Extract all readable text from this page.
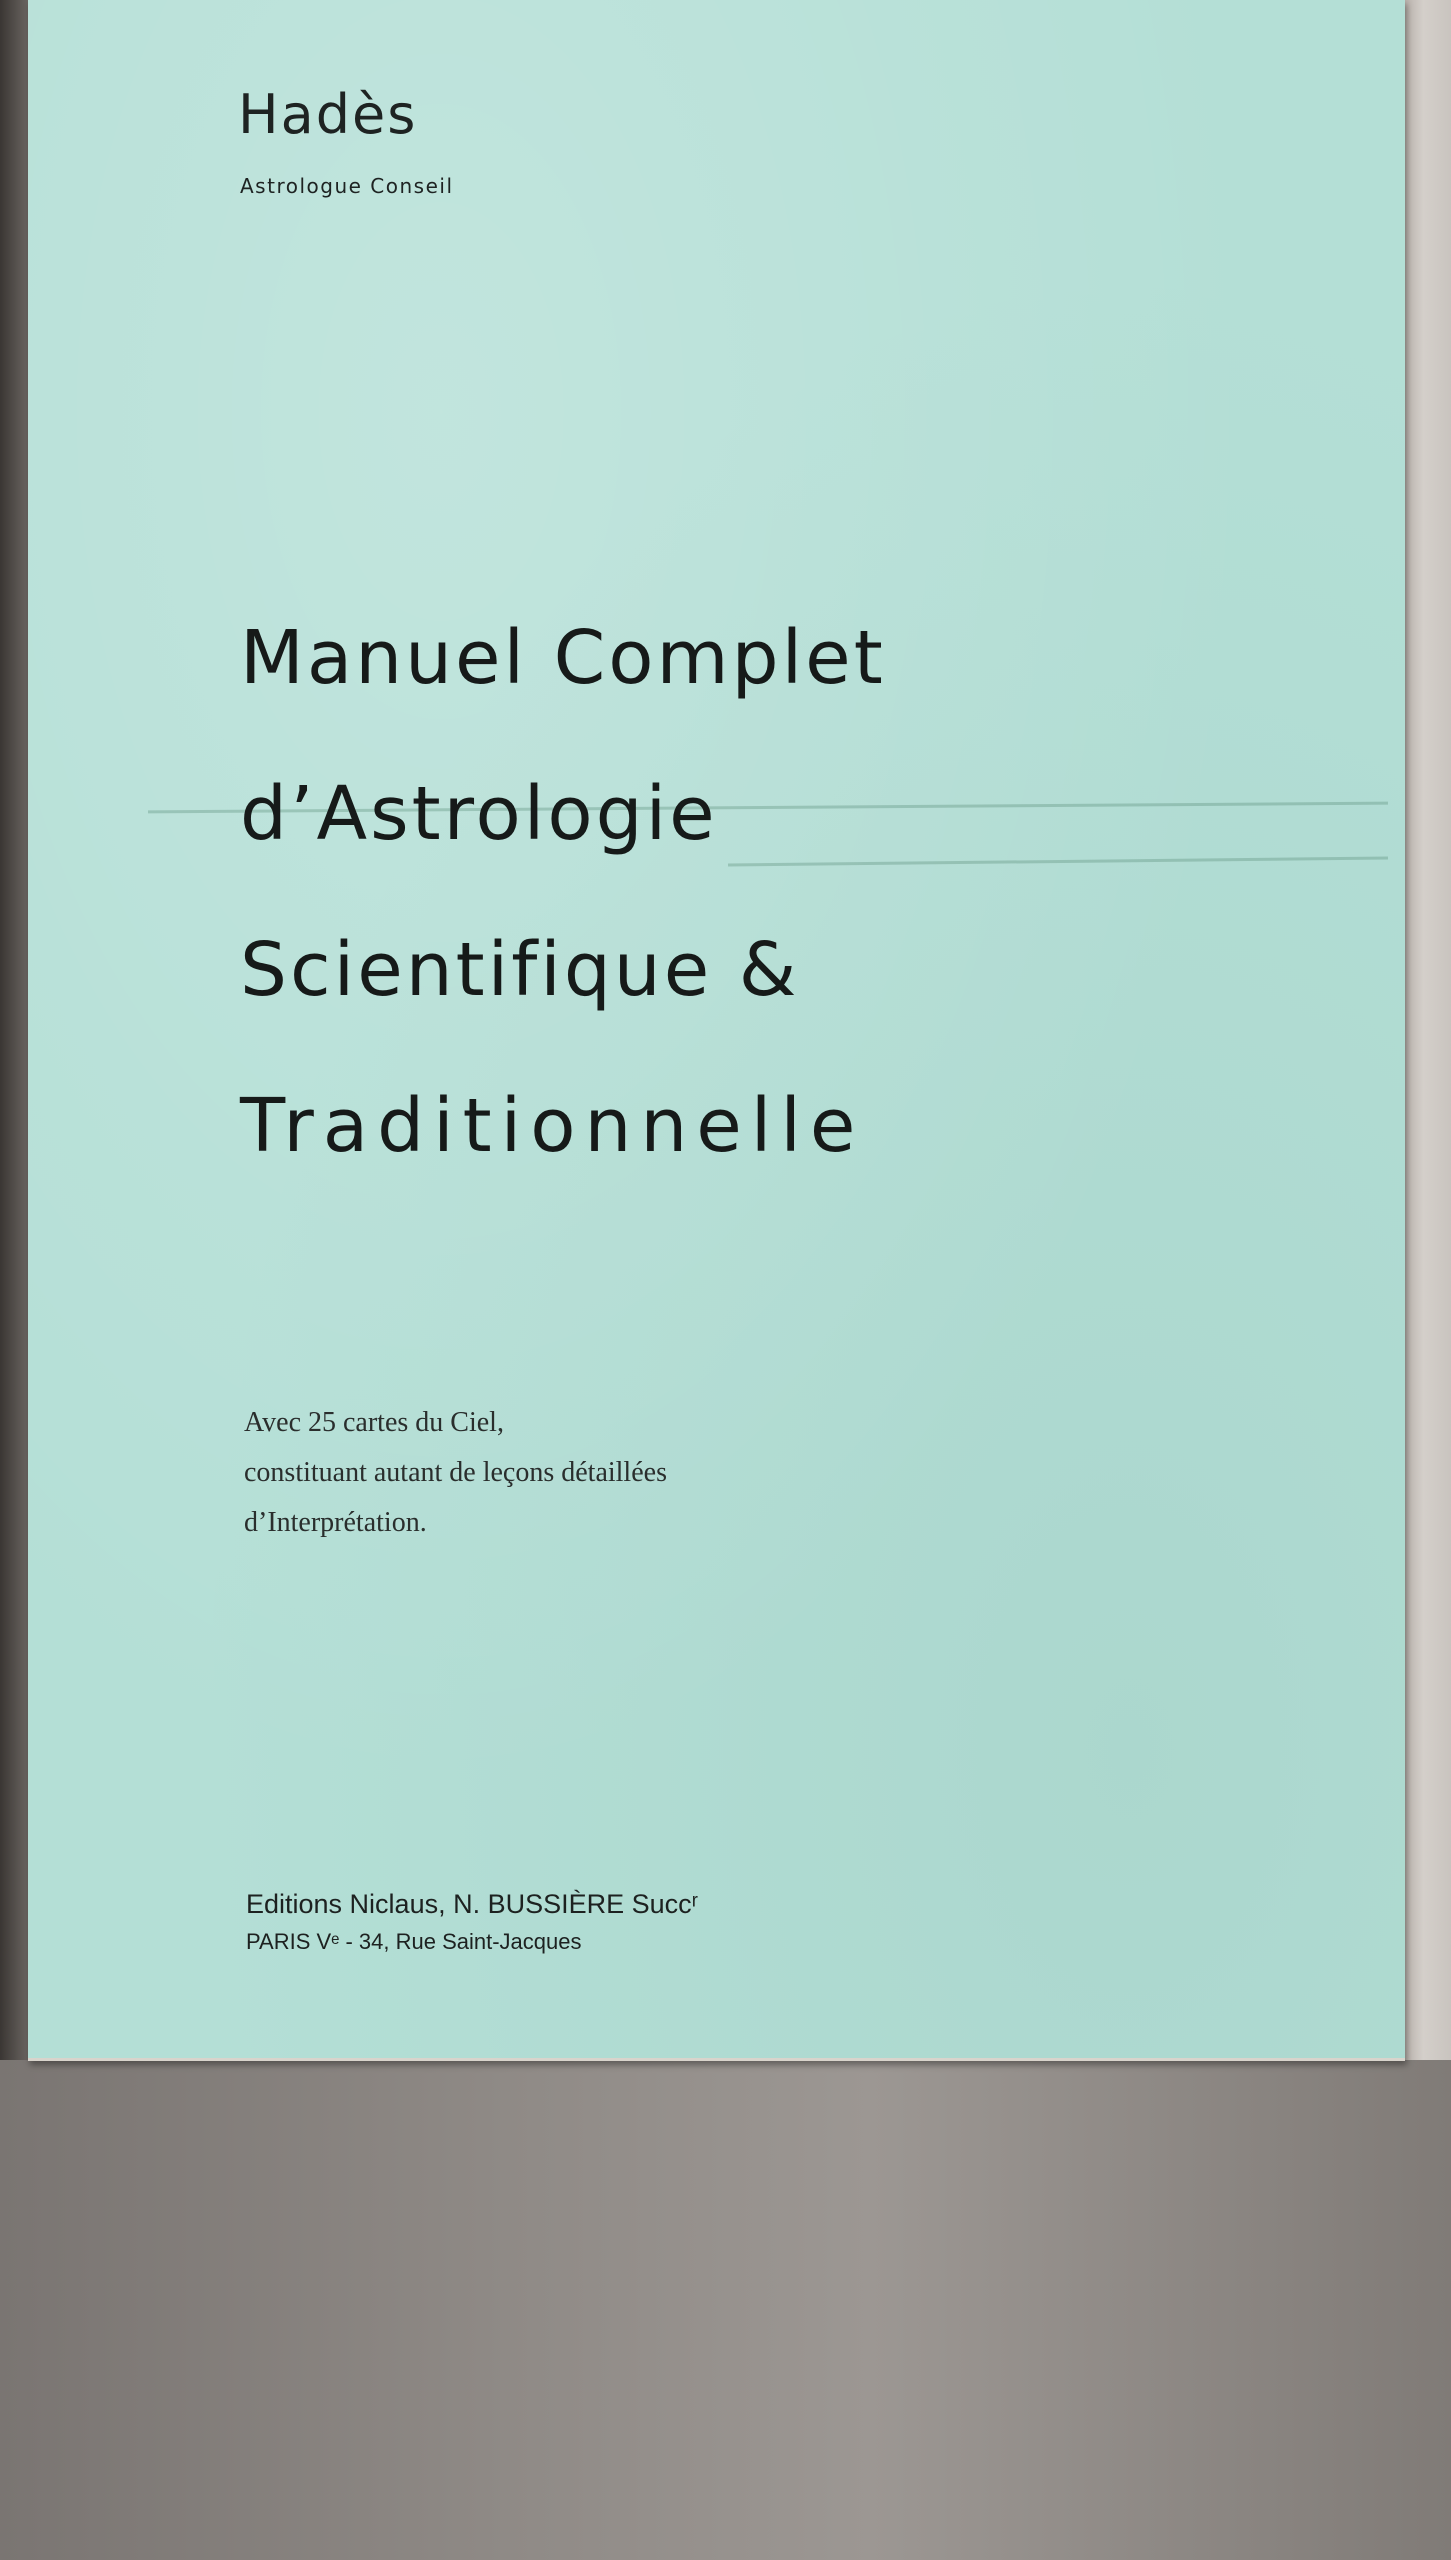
Hadès
Astrologue Conseil
Manuel Complet
d’Astrologie
Scientifique &
Traditionnelle
Avec 25 cartes du Ciel,
constituant autant de leçons détaillées
d’Interprétation.
Editions Niclaus, N. BUSSIÈRE Succʳ
PARIS Vᵉ - 34, Rue Saint-Jacques
